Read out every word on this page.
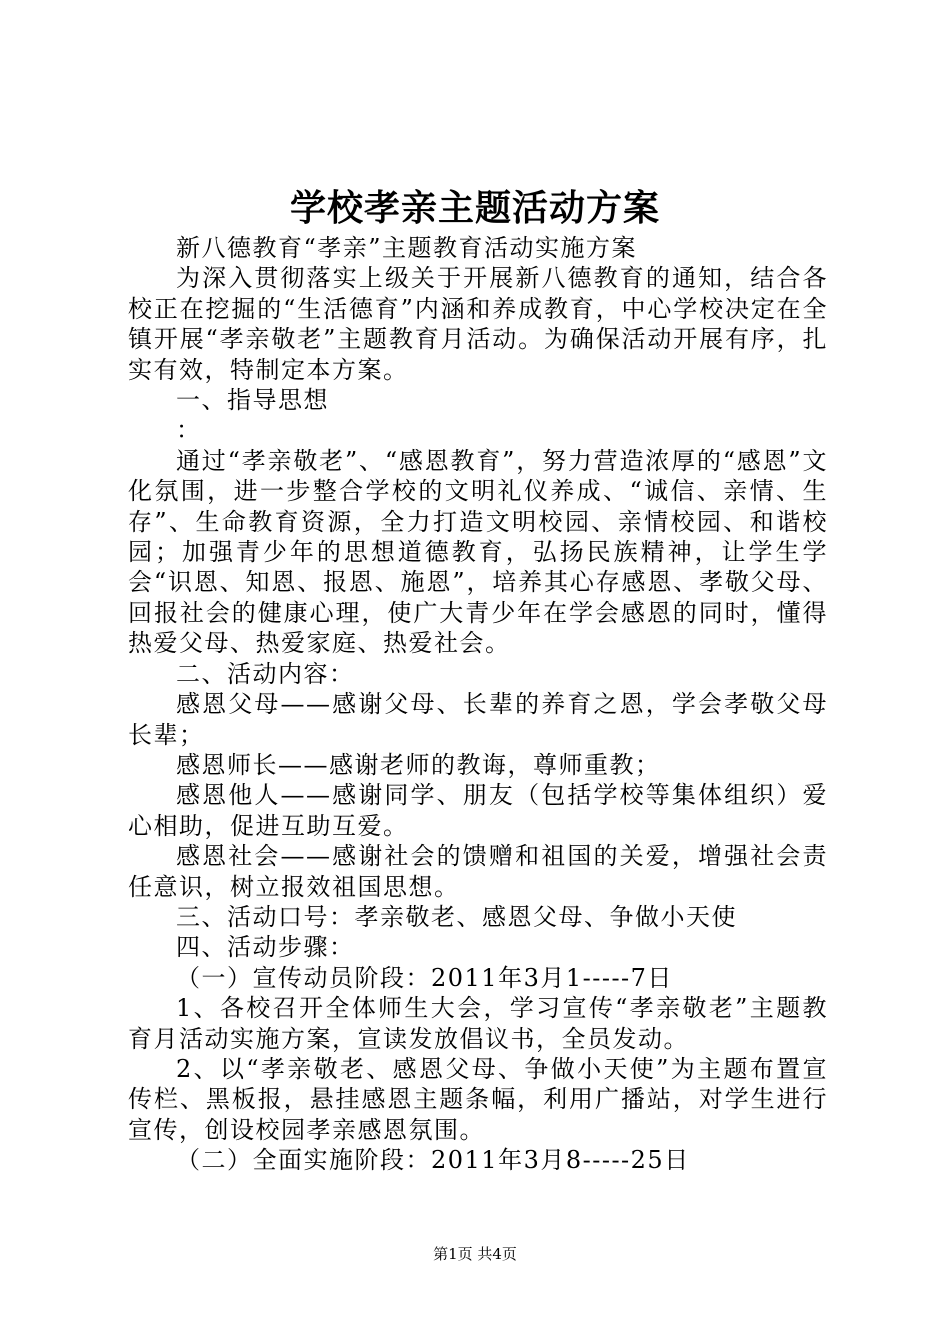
学校孝亲主题活动方案

新八德教育“孝亲”主题教育活动实施方案

为深入贯彻落实上级关于开展新八德教育的通知，结合各校正在挖掘的“生活德育”内涵和养成教育，中心学校决定在全镇开展“孝亲敬老”主题教育月活动。为确保活动开展有序，扎实有效，特制定本方案。

一、指导思想

：

通过“孝亲敬老”、“感恩教育”，努力营造浓厚的“感恩”文化氛围，进一步整合学校的文明礼仪养成、“诚信、亲情、生存”、生命教育资源，全力打造文明校园、亲情校园、和谐校园；加强青少年的思想道德教育，弘扬民族精神，让学生学会“识恩、知恩、报恩、施恩”，培养其心存感恩、孝敬父母、回报社会的健康心理，使广大青少年在学会感恩的同时，懂得热爱父母、热爱家庭、热爱社会。

二、活动内容：

感恩父母——感谢父母、长辈的养育之恩，学会孝敬父母长辈；

感恩师长——感谢老师的教诲，尊师重教；

感恩他人——感谢同学、朋友（包括学校等集体组织）爱心相助，促进互助互爱。

感恩社会——感谢社会的馈赠和祖国的关爱，增强社会责任意识，树立报效祖国思想。

三、活动口号：孝亲敬老、感恩父母、争做小天使

四、活动步骤：

（一）宣传动员阶段：2011年3月1-----7日

1、各校召开全体师生大会，学习宣传“孝亲敬老”主题教育月活动实施方案，宣读发放倡议书，全员发动。

2、以“孝亲敬老、感恩父母、争做小天使”为主题布置宣传栏、黑板报，悬挂感恩主题条幅，利用广播站，对学生进行宣传，创设校园孝亲感恩氛围。

（二）全面实施阶段：2011年3月8-----25日

第1页 共4页
